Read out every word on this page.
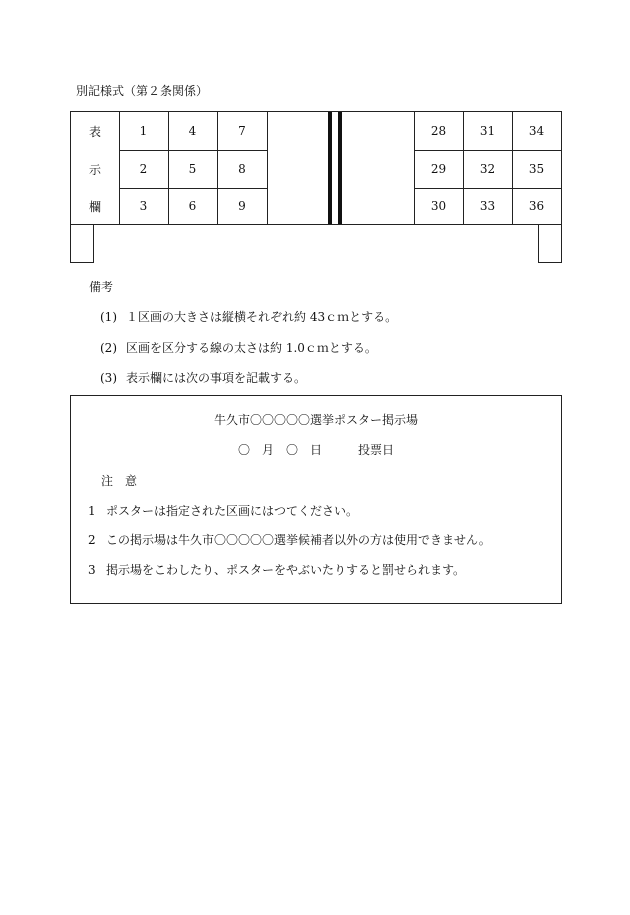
別記様式（第２条関係）
表
示
欄
1
2
3
4
5
6
7
8
9
28
29
30
31
32
33
34
35
36
備考
(1) １区画の大きさは縦横それぞれ約 43ｃｍとする。
(2) 区画を区分する線の太さは約 1.0ｃｍとする。
(3) 表示欄には次の事項を記載する。
牛久市〇〇〇〇〇選挙ポスター掲示場
〇　月　〇　日　　　投票日
注　意
1 ポスターは指定された区画にはつてください。
2 この掲示場は牛久市〇〇〇〇〇選挙候補者以外の方は使用できません。
3 掲示場をこわしたり、ポスターをやぶいたりすると罰せられます。
